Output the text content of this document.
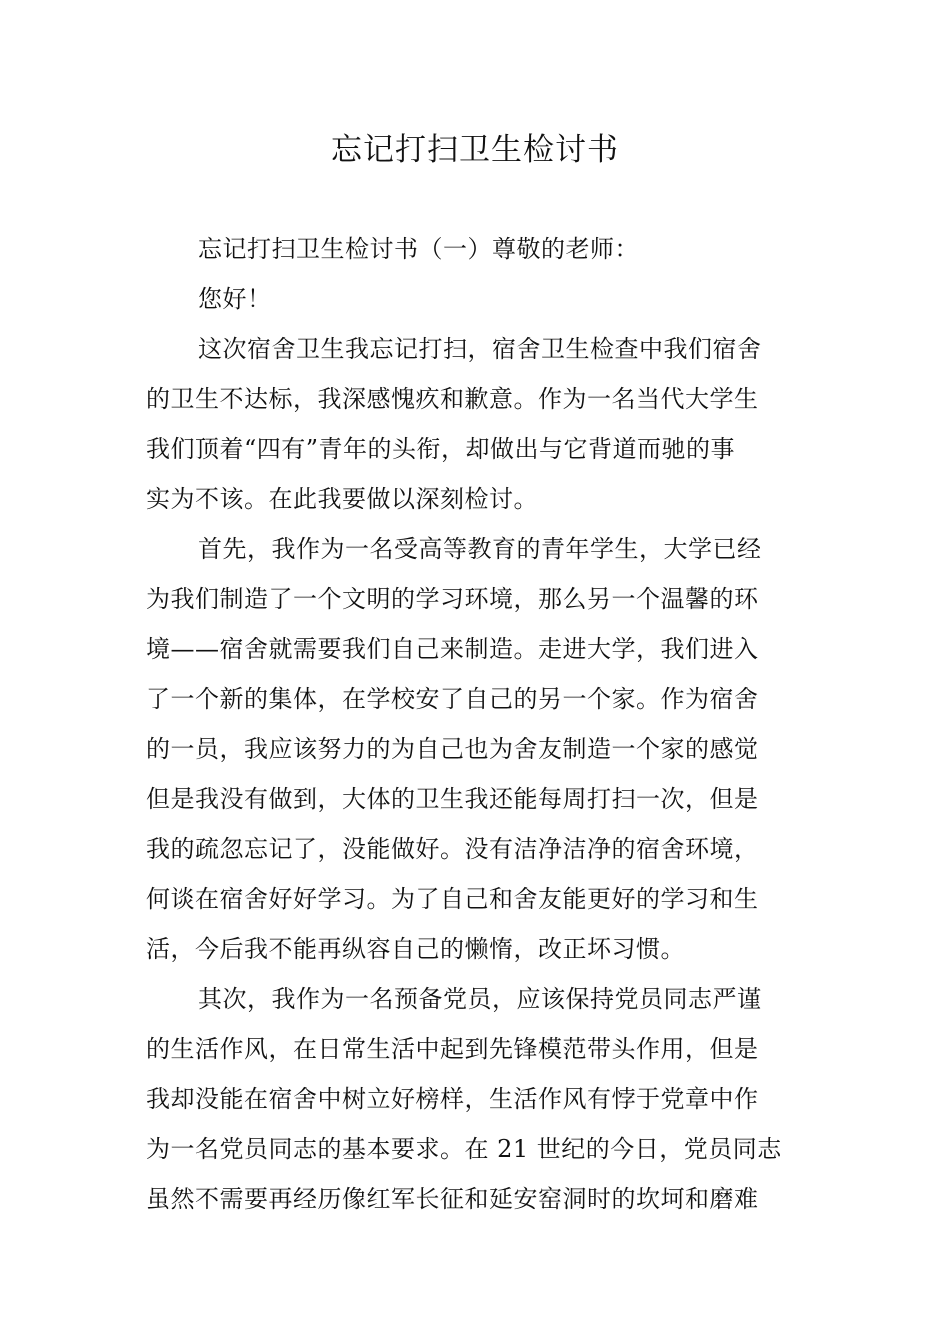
忘记打扫卫生检讨书
忘记打扫卫生检讨书（一）尊敬的老师：
您好！
这次宿舍卫生我忘记打扫，宿舍卫生检查中我们宿舍
的卫生不达标，我深感愧疚和歉意。作为一名当代大学生
我们顶着“四有”青年的头衔，却做出与它背道而驰的事
实为不该。在此我要做以深刻检讨。
首先，我作为一名受高等教育的青年学生，大学已经
为我们制造了一个文明的学习环境，那么另一个温馨的环
境——宿舍就需要我们自己来制造。走进大学，我们进入
了一个新的集体，在学校安了自己的另一个家。作为宿舍
的一员，我应该努力的为自己也为舍友制造一个家的感觉
但是我没有做到，大体的卫生我还能每周打扫一次，但是
我的疏忽忘记了，没能做好。没有洁净洁净的宿舍环境，
何谈在宿舍好好学习。为了自己和舍友能更好的学习和生
活，今后我不能再纵容自己的懒惰，改正坏习惯。
其次，我作为一名预备党员，应该保持党员同志严谨
的生活作风，在日常生活中起到先锋模范带头作用，但是
我却没能在宿舍中树立好榜样，生活作风有悖于党章中作
为一名党员同志的基本要求。在 21 世纪的今日，党员同志
虽然不需要再经历像红军长征和延安窑洞时的坎坷和磨难
